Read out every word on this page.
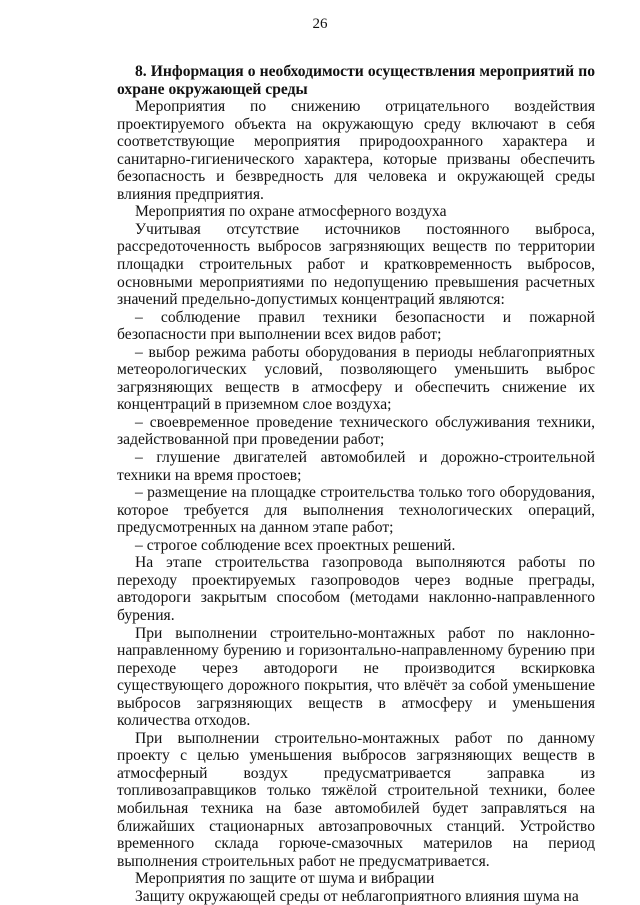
26

8. Информация о необходимости осуществления мероприятий по охране окружающей среды

Мероприятия по снижению отрицательного воздействия проектируемого объекта на окружающую среду включают в себя соответствующие мероприятия природоохранного характера и санитарно-гигиенического характера, которые призваны обеспечить безопасность и безвредность для человека и окружающей среды влияния предприятия.

Мероприятия по охране атмосферного воздуха

Учитывая отсутствие источников постоянного выброса, рассредоточенность выбросов загрязняющих веществ по территории площадки строительных работ и кратковременность выбросов, основными мероприятиями по недопущению превышения расчетных значений предельно-допустимых концентраций являются:

– соблюдение правил техники безопасности и пожарной безопасности при выполнении всех видов работ;

– выбор режима работы оборудования в периоды неблагоприятных метеорологических условий, позволяющего уменьшить выброс загрязняющих веществ в атмосферу и обеспечить снижение их концентраций в приземном слое воздуха;

– своевременное проведение технического обслуживания техники, задействованной при проведении работ;

– глушение двигателей автомобилей и дорожно-строительной техники на время простоев;

– размещение на площадке строительства только того оборудования, которое требуется для выполнения технологических операций, предусмотренных на данном этапе работ;

– строгое соблюдение всех проектных решений.

На этапе строительства газопровода выполняются работы по переходу проектируемых газопроводов через водные преграды, автодороги закрытым способом (методами наклонно-направленного бурения.

При выполнении строительно-монтажных работ по наклонно-направленному бурению и горизонтально-направленному бурению при переходе через автодороги не производится вскирковка существующего дорожного покрытия, что влёчёт за собой уменьшение выбросов загрязняющих веществ в атмосферу и уменьшения количества отходов.

При выполнении строительно-монтажных работ по данному проекту с целью уменьшения выбросов загрязняющих веществ в атмосферный воздух предусматривается заправка из топливозаправщиков только тяжёлой строительной техники, более мобильная техника на базе автомобилей будет заправляться на ближайших стационарных автозапровочных станций. Устройство временного склада горюче-смазочных материлов на период выполнения строительных работ не предусматривается.

Мероприятия по защите от шума и вибрации

Защиту окружающей среды от неблагоприятного влияния шума на
